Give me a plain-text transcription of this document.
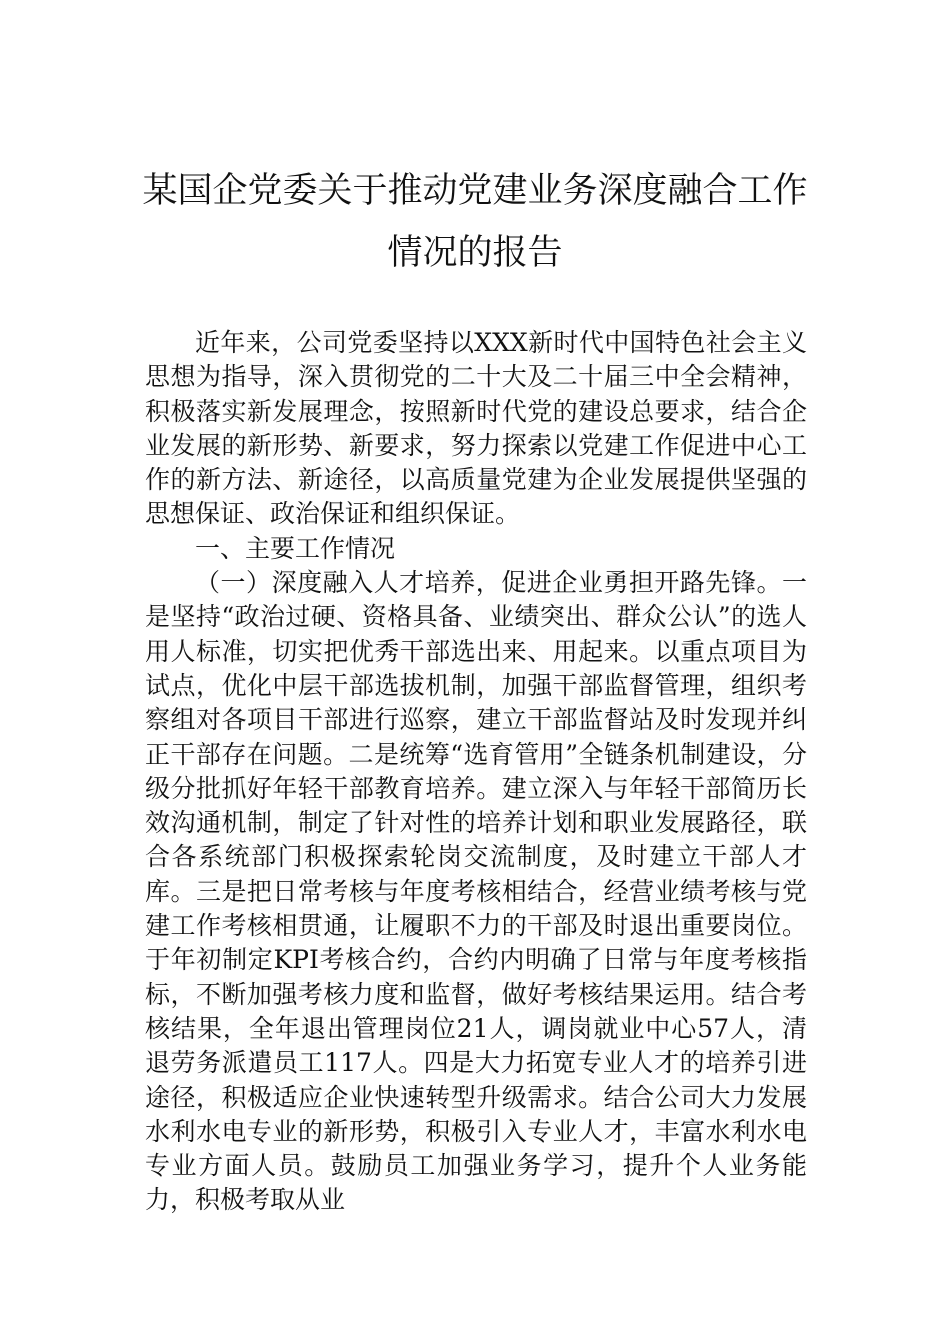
某国企党委关于推动党建业务深度融合工作情况的报告

近年来，公司党委坚持以XXX新时代中国特色社会主义思想为指导，深入贯彻党的二十大及二十届三中全会精神，积极落实新发展理念，按照新时代党的建设总要求，结合企业发展的新形势、新要求，努力探索以党建工作促进中心工作的新方法、新途径，以高质量党建为企业发展提供坚强的思想保证、政治保证和组织保证。

一、主要工作情况

（一）深度融入人才培养，促进企业勇担开路先锋。一是坚持“政治过硬、资格具备、业绩突出、群众公认”的选人用人标准，切实把优秀干部选出来、用起来。以重点项目为试点，优化中层干部选拔机制，加强干部监督管理，组织考察组对各项目干部进行巡察，建立干部监督站及时发现并纠正干部存在问题。二是统筹“选育管用”全链条机制建设，分级分批抓好年轻干部教育培养。建立深入与年轻干部简历长效沟通机制，制定了针对性的培养计划和职业发展路径，联合各系统部门积极探索轮岗交流制度，及时建立干部人才库。三是把日常考核与年度考核相结合，经营业绩考核与党建工作考核相贯通，让履职不力的干部及时退出重要岗位。于年初制定KPI考核合约，合约内明确了日常与年度考核指标，不断加强考核力度和监督，做好考核结果运用。结合考核结果，全年退出管理岗位21人，调岗就业中心57人，清退劳务派遣员工117人。四是大力拓宽专业人才的培养引进途径，积极适应企业快速转型升级需求。结合公司大力发展水利水电专业的新形势，积极引入专业人才，丰富水利水电专业方面人员。鼓励员工加强业务学习，提升个人业务能力，积极考取从业
